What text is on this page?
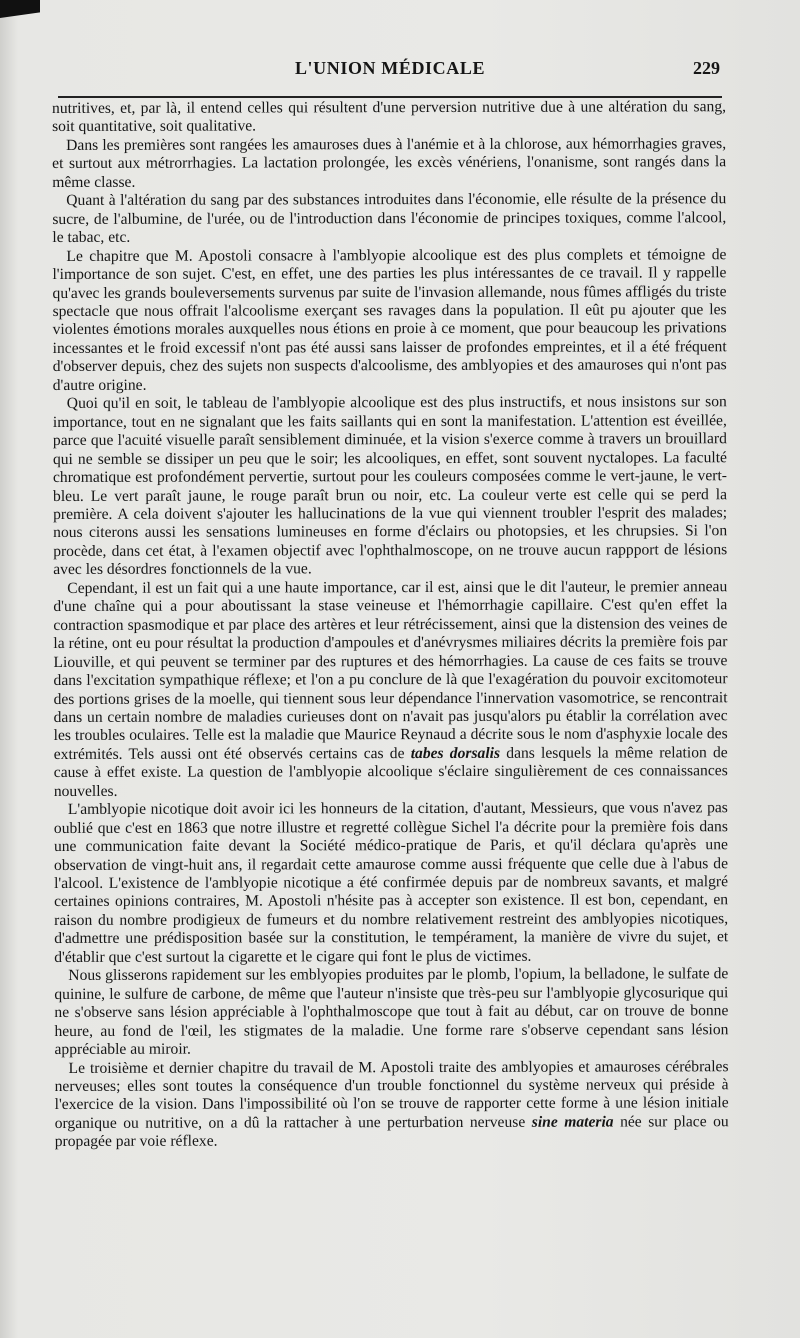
L'UNION MÉDICALE	229

nutritives, et, par là, il entend celles qui résultent d'une perversion nutritive due à une altération du sang, soit quantitative, soit qualitative.

Dans les premières sont rangées les amauroses dues à l'anémie et à la chlorose, aux hémorrhagies graves, et surtout aux métrorrhagies. La lactation prolongée, les excès vénériens, l'onanisme, sont rangés dans la même classe.

Quant à l'altération du sang par des substances introduites dans l'économie, elle résulte de la présence du sucre, de l'albumine, de l'urée, ou de l'introduction dans l'économie de principes toxiques, comme l'alcool, le tabac, etc.

Le chapitre que M. Apostoli consacre à l'amblyopie alcoolique est des plus complets et témoigne de l'importance de son sujet. C'est, en effet, une des parties les plus intéressantes de ce travail. Il y rappelle qu'avec les grands bouleversements survenus par suite de l'invasion allemande, nous fûmes affligés du triste spectacle que nous offrait l'alcoolisme exerçant ses ravages dans la population. Il eût pu ajouter que les violentes émotions morales auxquelles nous étions en proie à ce moment, que pour beaucoup les privations incessantes et le froid excessif n'ont pas été aussi sans laisser de profondes empreintes, et il a été fréquent d'observer depuis, chez des sujets non suspects d'alcoolisme, des amblyopies et des amauroses qui n'ont pas d'autre origine.

Quoi qu'il en soit, le tableau de l'amblyopie alcoolique est des plus instructifs, et nous insistons sur son importance, tout en ne signalant que les faits saillants qui en sont la manifestation. L'attention est éveillée, parce que l'acuité visuelle paraît sensiblement diminuée, et la vision s'exerce comme à travers un brouillard qui ne semble se dissiper un peu que le soir; les alcooliques, en effet, sont souvent nyctalopes. La faculté chromatique est profondément pervertie, surtout pour les couleurs composées comme le vert-jaune, le vert-bleu. Le vert paraît jaune, le rouge paraît brun ou noir, etc. La couleur verte est celle qui se perd la première. A cela doivent s'ajouter les hallucinations de la vue qui viennent troubler l'esprit des malades; nous citerons aussi les sensations lumineuses en forme d'éclairs ou photopsies, et les chrupsies. Si l'on procède, dans cet état, à l'examen objectif avec l'ophthalmoscope, on ne trouve aucun rappport de lésions avec les désordres fonctionnels de la vue.

Cependant, il est un fait qui a une haute importance, car il est, ainsi que le dit l'auteur, le premier anneau d'une chaîne qui a pour aboutissant la stase veineuse et l'hémorrhagie capillaire. C'est qu'en effet la contraction spasmodique et par place des artères et leur rétrécissement, ainsi que la distension des veines de la rétine, ont eu pour résultat la production d'ampoules et d'anévrysmes miliaires décrits la première fois par Liouville, et qui peuvent se terminer par des ruptures et des hémorrhagies. La cause de ces faits se trouve dans l'excitation sympathique réflexe; et l'on a pu conclure de là que l'exagération du pouvoir excitomoteur des portions grises de la moelle, qui tiennent sous leur dépendance l'innervation vasomotrice, se rencontrait dans un certain nombre de maladies curieuses dont on n'avait pas jusqu'alors pu établir la corrélation avec les troubles oculaires. Telle est la maladie que Maurice Reynaud a décrite sous le nom d'asphyxie locale des extrémités. Tels aussi ont été observés certains cas de tabes dorsalis dans lesquels la même relation de cause à effet existe. La question de l'amblyopie alcoolique s'éclaire singulièrement de ces connaissances nouvelles.

L'amblyopie nicotique doit avoir ici les honneurs de la citation, d'autant, Messieurs, que vous n'avez pas oublié que c'est en 1863 que notre illustre et regretté collègue Sichel l'a décrite pour la première fois dans une communication faite devant la Société médico-pratique de Paris, et qu'il déclara qu'après une observation de vingt-huit ans, il regardait cette amaurose comme aussi fréquente que celle due à l'abus de l'alcool. L'existence de l'amblyopie nicotique a été confirmée depuis par de nombreux savants, et malgré certaines opinions contraires, M. Apostoli n'hésite pas à accepter son existence. Il est bon, cependant, en raison du nombre prodigieux de fumeurs et du nombre relativement restreint des amblyopies nicotiques, d'admettre une prédisposition basée sur la constitution, le tempérament, la manière de vivre du sujet, et d'établir que c'est surtout la cigarette et le cigare qui font le plus de victimes.

Nous glisserons rapidement sur les emblyopies produites par le plomb, l'opium, la belladone, le sulfate de quinine, le sulfure de carbone, de même que l'auteur n'insiste que très-peu sur l'amblyopie glycosurique qui ne s'observe sans lésion appréciable à l'ophthalmoscope que tout à fait au début, car on trouve de bonne heure, au fond de l'œil, les stigmates de la maladie. Une forme rare s'observe cependant sans lésion appréciable au miroir.

Le troisième et dernier chapitre du travail de M. Apostoli traite des amblyopies et amauroses cérébrales nerveuses; elles sont toutes la conséquence d'un trouble fonctionnel du système nerveux qui préside à l'exercice de la vision. Dans l'impossibilité où l'on se trouve de rapporter cette forme à une lésion initiale organique ou nutritive, on a dû la rattacher à une perturbation nerveuse sine materia née sur place ou propagée par voie réflexe.
